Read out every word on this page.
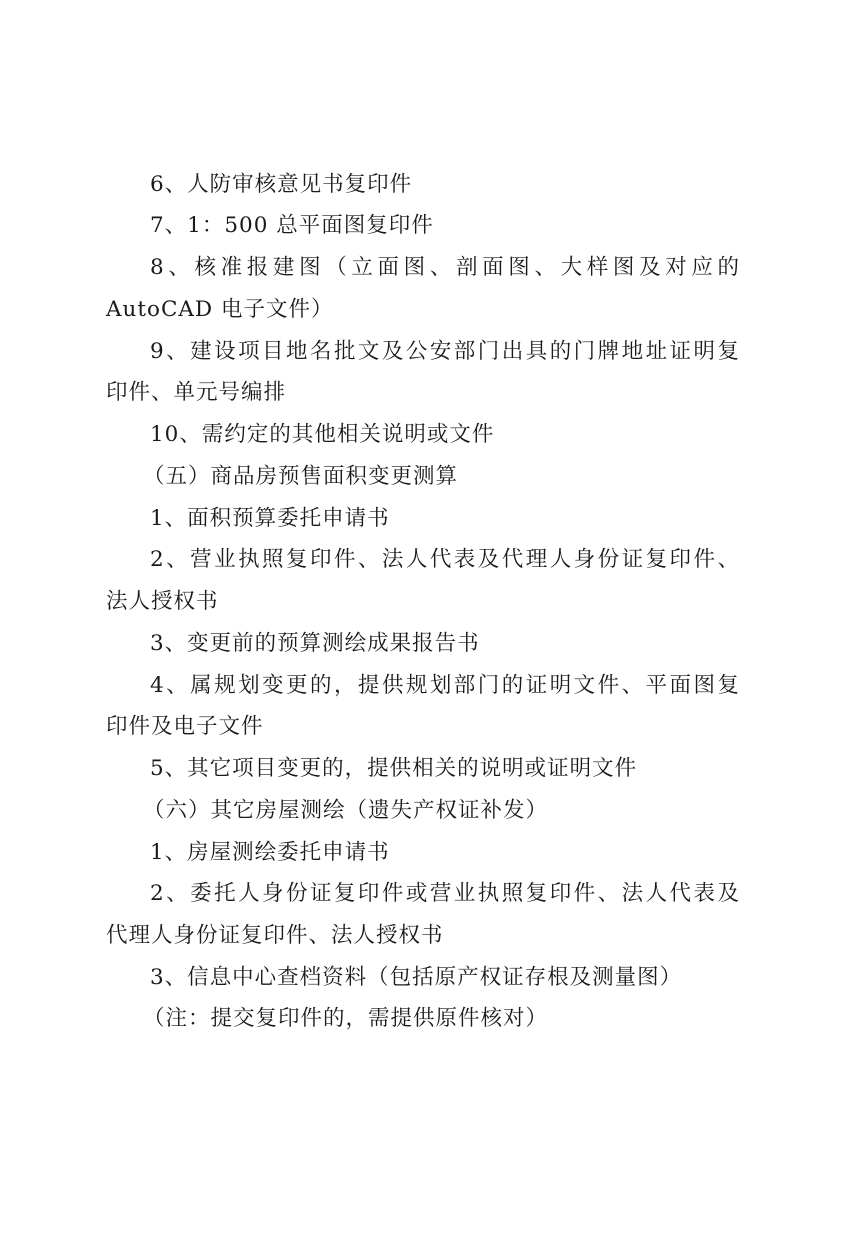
6、人防审核意见书复印件
7、1：500 总平面图复印件
8、核准报建图（立面图、剖面图、大样图及对应的
AutoCAD 电子文件）
9、建设项目地名批文及公安部门出具的门牌地址证明复
印件、单元号编排
10、需约定的其他相关说明或文件
（五）商品房预售面积变更测算
1、面积预算委托申请书
2、营业执照复印件、法人代表及代理人身份证复印件、
法人授权书
3、变更前的预算测绘成果报告书
4、属规划变更的，提供规划部门的证明文件、平面图复
印件及电子文件
5、其它项目变更的，提供相关的说明或证明文件
（六）其它房屋测绘（遗失产权证补发）
1、房屋测绘委托申请书
2、委托人身份证复印件或营业执照复印件、法人代表及
代理人身份证复印件、法人授权书
3、信息中心查档资料（包括原产权证存根及测量图）
（注：提交复印件的，需提供原件核对）
